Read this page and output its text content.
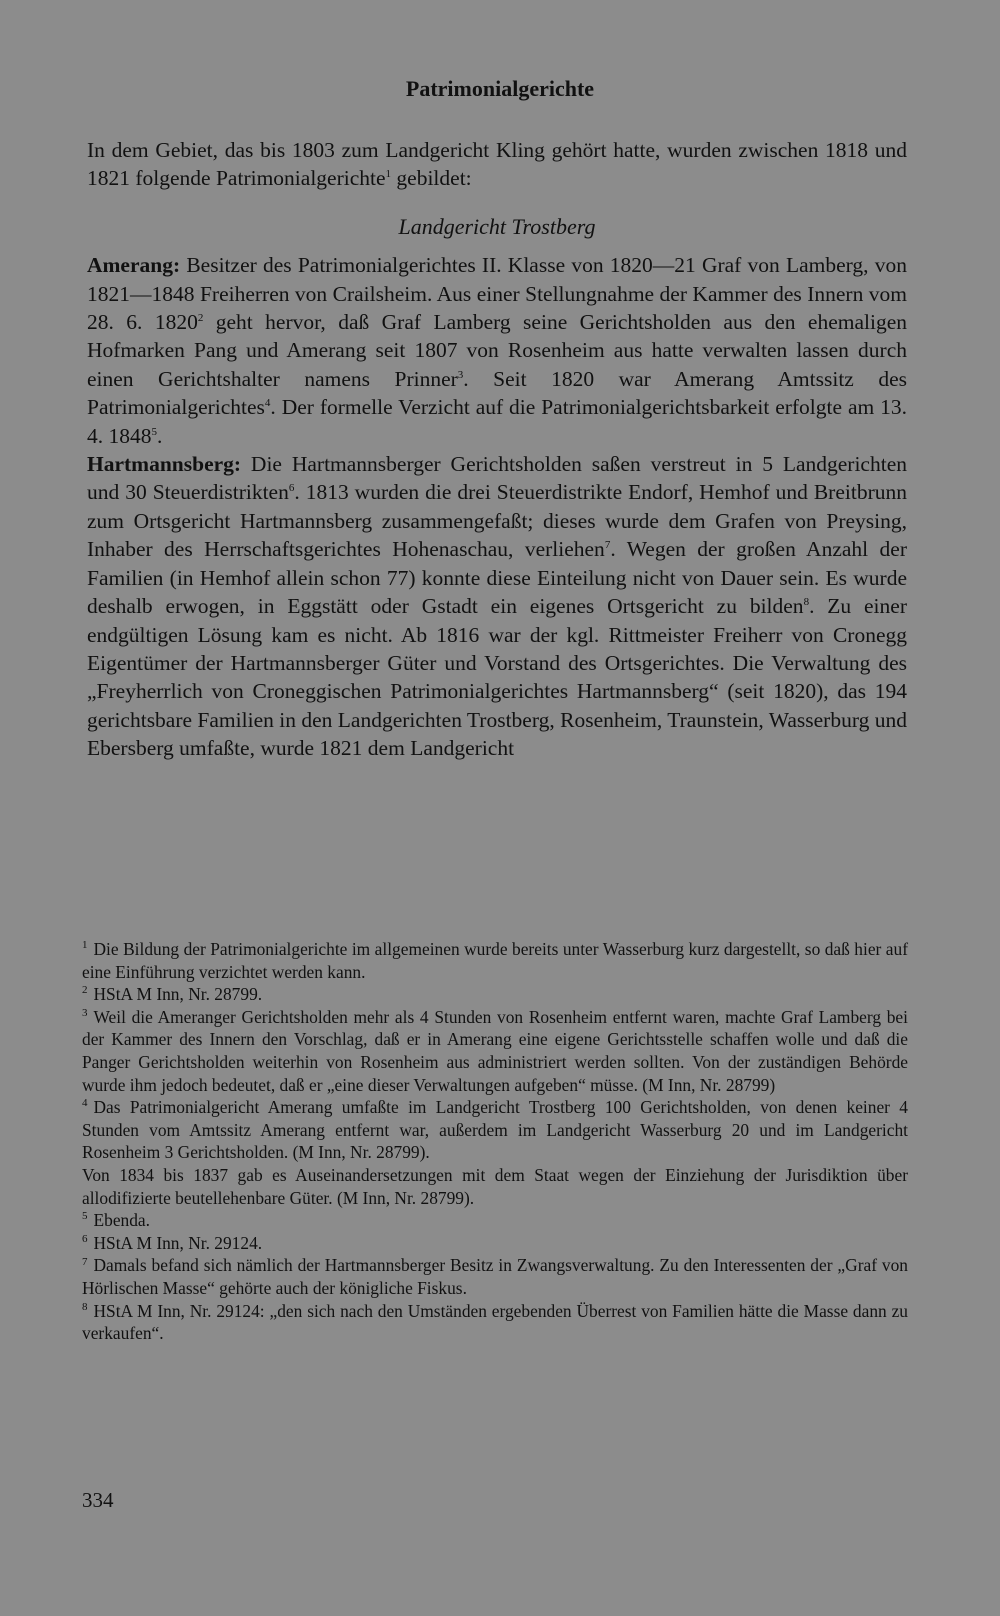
Patrimonialgerichte

In dem Gebiet, das bis 1803 zum Landgericht Kling gehört hatte, wurden zwischen 1818 und 1821 folgende Patrimonialgerichte$^1$ gebildet:

Landgericht Trostberg

Amerang: Besitzer des Patrimonialgerichtes II. Klasse von 1820—21 Graf von Lamberg, von 1821—1848 Freiherren von Crailsheim. Aus einer Stellungnahme der Kammer des Innern vom 28. 6. 1820$^2$ geht hervor, daß Graf Lamberg seine Gerichtsholden aus den ehemaligen Hofmarken Pang und Amerang seit 1807 von Rosenheim aus hatte verwalten lassen durch einen Gerichtshalter namens Prinner$^3$. Seit 1820 war Amerang Amtssitz des Patrimonialgerichtes$^4$. Der formelle Verzicht auf die Patrimonialgerichtsbarkeit erfolgte am 13. 4. 1848$^5$.

Hartmannsberg: Die Hartmannsberger Gerichtsholden saßen verstreut in 5 Landgerichten und 30 Steuerdistrikten$^6$. 1813 wurden die drei Steuerdistrikte Endorf, Hemhof und Breitbrunn zum Ortsgericht Hartmannsberg zusammengefaßt; dieses wurde dem Grafen von Preysing, Inhaber des Herrschaftsgerichtes Hohenaschau, verliehen$^7$. Wegen der großen Anzahl der Familien (in Hemhof allein schon 77) konnte diese Einteilung nicht von Dauer sein. Es wurde deshalb erwogen, in Eggstätt oder Gstadt ein eigenes Ortsgericht zu bilden$^8$. Zu einer endgültigen Lösung kam es nicht. Ab 1816 war der kgl. Rittmeister Freiherr von Cronegg Eigentümer der Hartmannsberger Güter und Vorstand des Ortsgerichtes. Die Verwaltung des „Freyherrlich von Croneggischen Patrimonialgerichtes Hartmannsberg“ (seit 1820), das 194 gerichtsbare Familien in den Landgerichten Trostberg, Rosenheim, Traunstein, Wasserburg und Ebersberg umfaßte, wurde 1821 dem Landgericht

$^1$ Die Bildung der Patrimonialgerichte im allgemeinen wurde bereits unter Wasserburg kurz dargestellt, so daß hier auf eine Einführung verzichtet werden kann.

$^2$ HStA M Inn, Nr. 28799.

$^3$ Weil die Ameranger Gerichtsholden mehr als 4 Stunden von Rosenheim entfernt waren, machte Graf Lamberg bei der Kammer des Innern den Vorschlag, daß er in Amerang eine eigene Gerichtsstelle schaffen wolle und daß die Panger Gerichtsholden weiterhin von Rosenheim aus administriert werden sollten. Von der zuständigen Behörde wurde ihm jedoch bedeutet, daß er „eine dieser Verwaltungen aufgeben“ müsse. (M Inn, Nr. 28799)

$^4$ Das Patrimonialgericht Amerang umfaßte im Landgericht Trostberg 100 Gerichtsholden, von denen keiner 4 Stunden vom Amtssitz Amerang entfernt war, außerdem im Landgericht Wasserburg 20 und im Landgericht Rosenheim 3 Gerichtsholden. (M Inn, Nr. 28799).

Von 1834 bis 1837 gab es Auseinandersetzungen mit dem Staat wegen der Einziehung der Jurisdiktion über allodifizierte beutellehenbare Güter. (M Inn, Nr. 28799).

$^5$ Ebenda.

$^6$ HStA M Inn, Nr. 29124.

$^7$ Damals befand sich nämlich der Hartmannsberger Besitz in Zwangsverwaltung. Zu den Interessenten der „Graf von Hörlischen Masse“ gehörte auch der königliche Fiskus.

$^8$ HStA M Inn, Nr. 29124: „den sich nach den Umständen ergebenden Überrest von Familien hätte die Masse dann zu verkaufen“.

334
